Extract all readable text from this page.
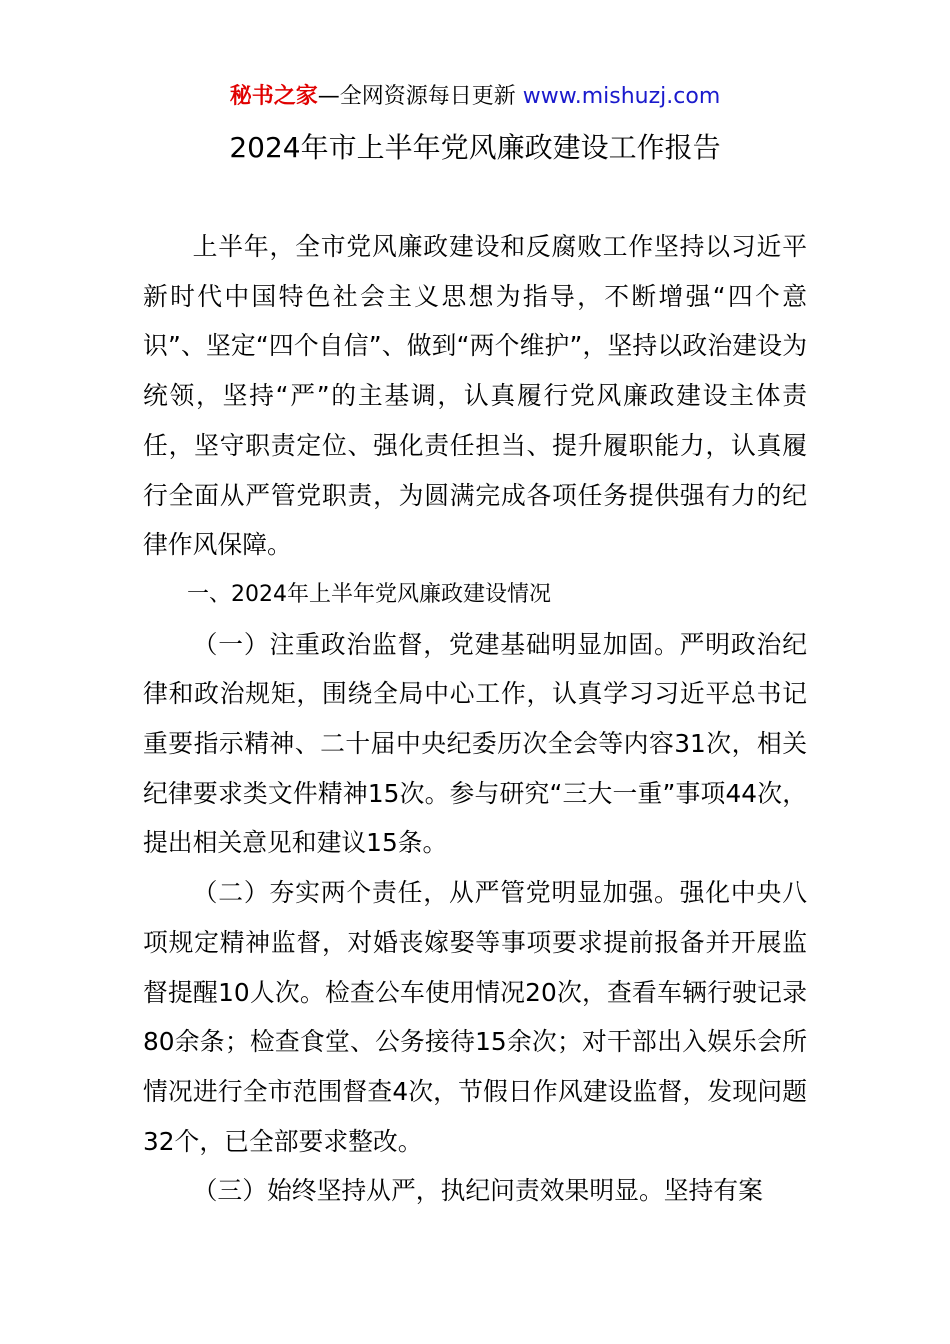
秘书之家—全网资源每日更新 www.mishuzj.com
2024年市上半年党风廉政建设工作报告

上半年，全市党风廉政建设和反腐败工作坚持以习近平新时代中国特色社会主义思想为指导，不断增强“四个意识”、坚定“四个自信”、做到“两个维护”，坚持以政治建设为统领，坚持“严”的主基调，认真履行党风廉政建设主体责任，坚守职责定位、强化责任担当、提升履职能力，认真履行全面从严管党职责，为圆满完成各项任务提供强有力的纪律作风保障。

一、2024年上半年党风廉政建设情况

（一）注重政治监督，党建基础明显加固。严明政治纪律和政治规矩，围绕全局中心工作，认真学习习近平总书记重要指示精神、二十届中央纪委历次全会等内容31次，相关纪律要求类文件精神15次。参与研究“三大一重”事项44次，提出相关意见和建议15条。

（二）夯实两个责任，从严管党明显加强。强化中央八项规定精神监督，对婚丧嫁娶等事项要求提前报备并开展监督提醒10人次。检查公车使用情况20次，查看车辆行驶记录80余条；检查食堂、公务接待15余次；对干部出入娱乐会所情况进行全市范围督查4次，节假日作风建设监督，发现问题32个，已全部要求整改。

（三）始终坚持从严，执纪问责效果明显。坚持有案
